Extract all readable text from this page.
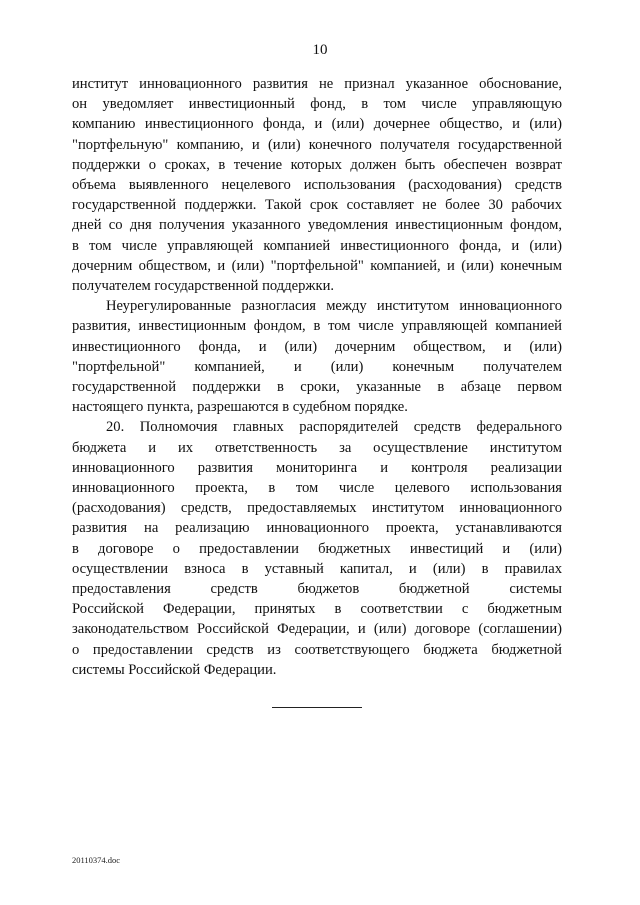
10
институт инновационного развития не признал указанное обоснование,
он уведомляет инвестиционный фонд, в том числе управляющую
компанию инвестиционного фонда, и (или) дочернее общество, и (или)
"портфельную" компанию, и (или) конечного получателя государственной
поддержки о сроках, в течение которых должен быть обеспечен возврат
объема выявленного нецелевого использования (расходования) средств
государственной поддержки. Такой срок составляет не более 30 рабочих
дней со дня получения указанного уведомления инвестиционным фондом,
в том числе управляющей компанией инвестиционного фонда, и (или)
дочерним обществом, и (или) "портфельной" компанией, и (или) конечным
получателем государственной поддержки.
Неурегулированные разногласия между институтом инновационного
развития, инвестиционным фондом, в том числе управляющей компанией
инвестиционного фонда, и (или) дочерним обществом, и (или)
"портфельной" компанией, и (или) конечным получателем
государственной поддержки в сроки, указанные в абзаце первом
настоящего пункта, разрешаются в судебном порядке.
20. Полномочия главных распорядителей средств федерального
бюджета и их ответственность за осуществление институтом
инновационного развития мониторинга и контроля реализации
инновационного проекта, в том числе целевого использования
(расходования) средств, предоставляемых институтом инновационного
развития на реализацию инновационного проекта, устанавливаются
в договоре о предоставлении бюджетных инвестиций и (или)
осуществлении взноса в уставный капитал, и (или) в правилах
предоставления средств бюджетов бюджетной системы
Российской Федерации, принятых в соответствии с бюджетным
законодательством Российской Федерации, и (или) договоре (соглашении)
о предоставлении средств из соответствующего бюджета бюджетной
системы Российской Федерации.
20110374.doc
